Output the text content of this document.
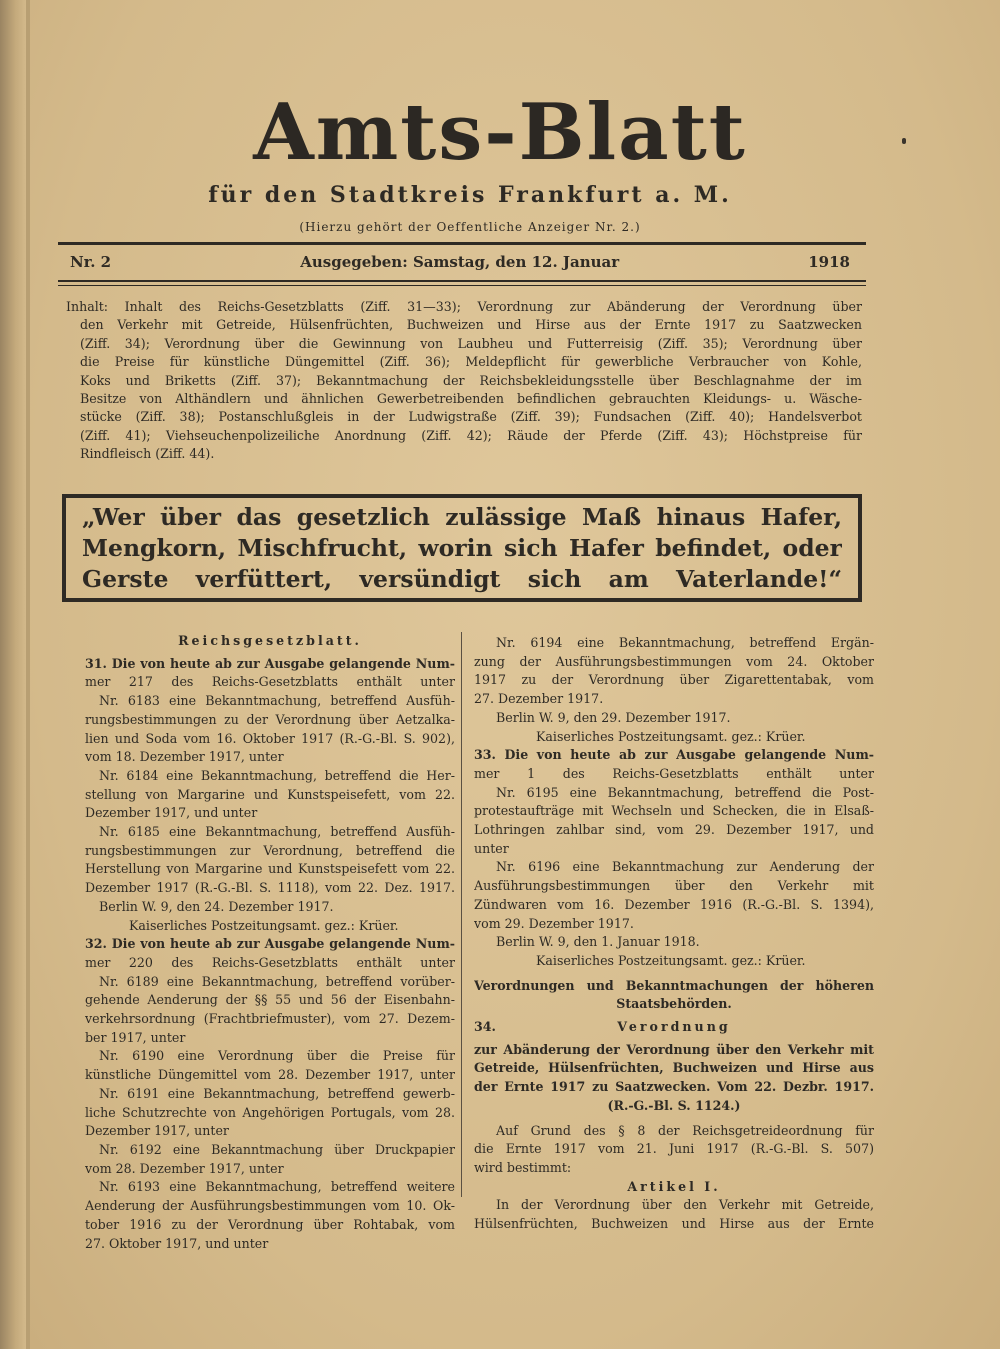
Amts-Blatt
für den Stadtkreis Frankfurt a. M.
(Hierzu gehört der Oeffentliche Anzeiger Nr. 2.)
Nr. 2	Ausgegeben: Samstag, den 12. Januar	1918
Inhalt: Inhalt des Reichs-Gesetzblatts (Ziff. 31—33); Verordnung zur Abänderung der Verordnung über
den Verkehr mit Getreide, Hülsenfrüchten, Buchweizen und Hirse aus der Ernte 1917 zu Saatzwecken
(Ziff. 34); Verordnung über die Gewinnung von Laubheu und Futterreisig (Ziff. 35); Verordnung über
die Preise für künstliche Düngemittel (Ziff. 36); Meldepflicht für gewerbliche Verbraucher von Kohle,
Koks und Briketts (Ziff. 37); Bekanntmachung der Reichsbekleidungsstelle über Beschlagnahme der im
Besitze von Althändlern und ähnlichen Gewerbetreibenden befindlichen gebrauchten Kleidungs- u. Wäsche-
stücke (Ziff. 38); Postanschlußgleis in der Ludwigstraße (Ziff. 39); Fundsachen (Ziff. 40); Handelsverbot
(Ziff. 41); Viehseuchenpolizeiliche Anordnung (Ziff. 42); Räude der Pferde (Ziff. 43); Höchstpreise für
Rindfleisch (Ziff. 44).
„Wer über das gesetzlich zulässige Maß hinaus Hafer,
Mengkorn, Mischfrucht, worin sich Hafer befindet, oder
Gerste verfüttert, versündigt sich am Vaterlande!“
Reichsgesetzblatt.
31. Die von heute ab zur Ausgabe gelangende Num-
mer 217 des Reichs-Gesetzblatts enthält unter
Nr. 6183 eine Bekanntmachung, betreffend Ausfüh-
rungsbestimmungen zu der Verordnung über Aetzalka-
lien und Soda vom 16. Oktober 1917 (R.-G.-Bl. S. 902),
vom 18. Dezember 1917, unter
Nr. 6184 eine Bekanntmachung, betreffend die Her-
stellung von Margarine und Kunstspeisefett, vom 22.
Dezember 1917, und unter
Nr. 6185 eine Bekanntmachung, betreffend Ausfüh-
rungsbestimmungen zur Verordnung, betreffend die
Herstellung von Margarine und Kunstspeisefett vom 22.
Dezember 1917 (R.-G.-Bl. S. 1118), vom 22. Dez. 1917.
Berlin W. 9, den 24. Dezember 1917.
Kaiserliches Postzeitungsamt. gez.: Krüer.
32. Die von heute ab zur Ausgabe gelangende Num-
mer 220 des Reichs-Gesetzblatts enthält unter
Nr. 6189 eine Bekanntmachung, betreffend vorüber-
gehende Aenderung der §§ 55 und 56 der Eisenbahn-
verkehrsordnung (Frachtbriefmuster), vom 27. Dezem-
ber 1917, unter
Nr. 6190 eine Verordnung über die Preise für
künstliche Düngemittel vom 28. Dezember 1917, unter
Nr. 6191 eine Bekanntmachung, betreffend gewerb-
liche Schutzrechte von Angehörigen Portugals, vom 28.
Dezember 1917, unter
Nr. 6192 eine Bekanntmachung über Druckpapier
vom 28. Dezember 1917, unter
Nr. 6193 eine Bekanntmachung, betreffend weitere
Aenderung der Ausführungsbestimmungen vom 10. Ok-
tober 1916 zu der Verordnung über Rohtabak, vom
27. Oktober 1917, und unter
Nr. 6194 eine Bekanntmachung, betreffend Ergän-
zung der Ausführungsbestimmungen vom 24. Oktober
1917 zu der Verordnung über Zigarettentabak, vom
27. Dezember 1917.
Berlin W. 9, den 29. Dezember 1917.
Kaiserliches Postzeitungsamt. gez.: Krüer.
33. Die von heute ab zur Ausgabe gelangende Num-
mer 1 des Reichs-Gesetzblatts enthält unter
Nr. 6195 eine Bekanntmachung, betreffend die Post-
protestaufträge mit Wechseln und Schecken, die in Elsaß-
Lothringen zahlbar sind, vom 29. Dezember 1917, und
unter
Nr. 6196 eine Bekanntmachung zur Aenderung der
Ausführungsbestimmungen über den Verkehr mit
Zündwaren vom 16. Dezember 1916 (R.-G.-Bl. S. 1394),
vom 29. Dezember 1917.
Berlin W. 9, den 1. Januar 1918.
Kaiserliches Postzeitungsamt. gez.: Krüer.
Verordnungen und Bekanntmachungen der höheren
Staatsbehörden.
34.	Verordnung
zur Abänderung der Verordnung über den Verkehr mit
Getreide, Hülsenfrüchten, Buchweizen und Hirse aus
der Ernte 1917 zu Saatzwecken. Vom 22. Dezbr. 1917.
(R.-G.-Bl. S. 1124.)
Auf Grund des § 8 der Reichsgetreideordnung für
die Ernte 1917 vom 21. Juni 1917 (R.-G.-Bl. S. 507)
wird bestimmt:
Artikel I.
In der Verordnung über den Verkehr mit Getreide,
Hülsenfrüchten, Buchweizen und Hirse aus der Ernte
